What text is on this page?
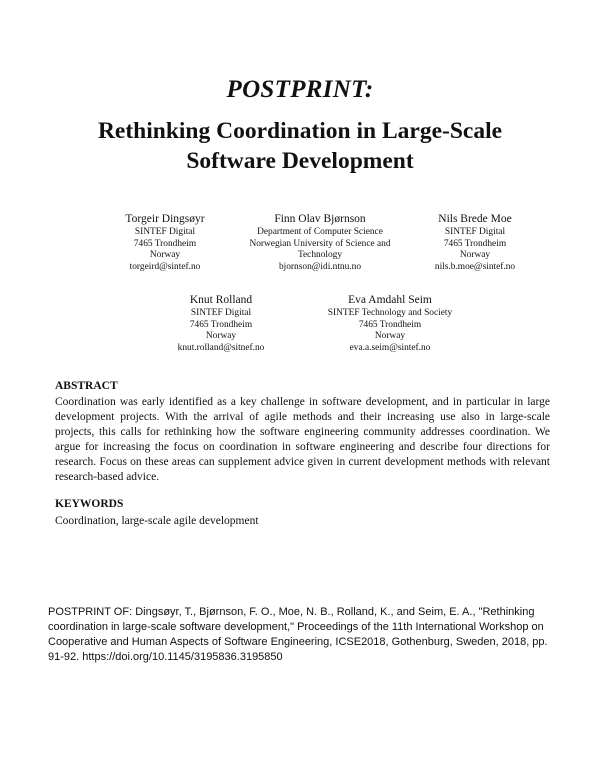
POSTPRINT:
Rethinking Coordination in Large-Scale
Software Development
Torgeir Dingsøyr
SINTEF Digital
7465 Trondheim
Norway
torgeird@sintef.no
Finn Olav Bjørnson
Department of Computer Science
Norwegian University of Science and
Technology
bjornson@idi.ntnu.no
Nils Brede Moe
SINTEF Digital
7465 Trondheim
Norway
nils.b.moe@sintef.no
Knut Rolland
SINTEF Digital
7465 Trondheim
Norway
knut.rolland@sitnef.no
Eva Amdahl Seim
SINTEF Technology and Society
7465 Trondheim
Norway
eva.a.seim@sintef.no
ABSTRACT
Coordination was early identified as a key challenge in software development, and in particular in large development projects. With the arrival of agile methods and their increasing use also in large-scale projects, this calls for rethinking how the software engineering community addresses coordination. We argue for increasing the focus on coordination in software engineering and describe four directions for research. Focus on these areas can supplement advice given in current development methods with relevant research-based advice.
KEYWORDS
Coordination, large-scale agile development
POSTPRINT OF: Dingsøyr, T., Bjørnson, F. O., Moe, N. B., Rolland, K., and Seim, E. A., "Rethinking coordination in large-scale software development," Proceedings of the 11th International Workshop on Cooperative and Human Aspects of Software Engineering, ICSE2018, Gothenburg, Sweden, 2018, pp. 91-92. https://doi.org/10.1145/3195836.3195850
